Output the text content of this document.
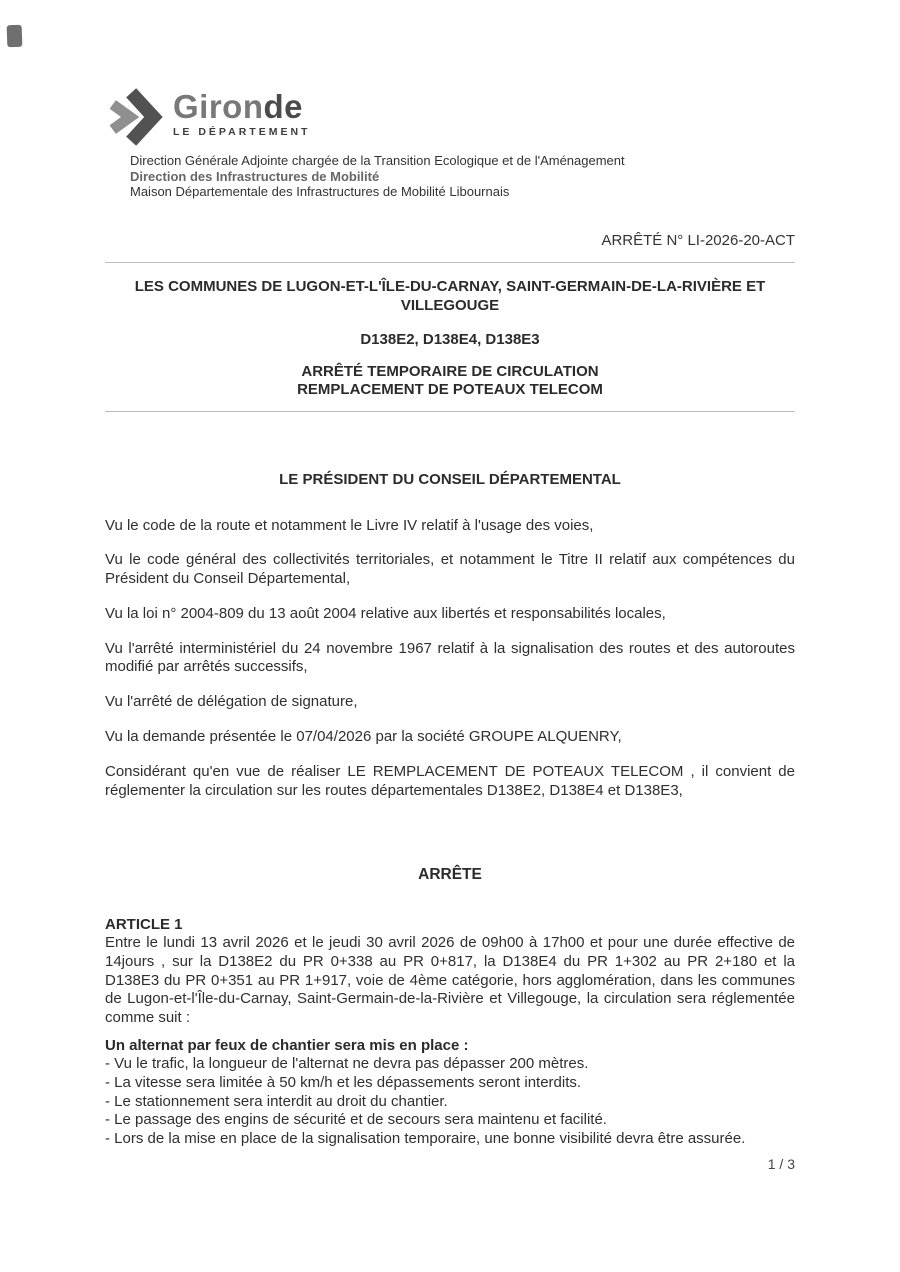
Gironde
LE DÉPARTEMENT
Direction Générale Adjointe chargée de la Transition Ecologique et de l'Aménagement
Direction des Infrastructures de Mobilité
Maison Départementale des Infrastructures de Mobilité Libournais
ARRÊTÉ N° LI-2026-20-ACT
LES COMMUNES DE LUGON-ET-L'ÎLE-DU-CARNAY, SAINT-GERMAIN-DE-LA-RIVIÈRE ET VILLEGOUGE
D138E2, D138E4, D138E3
ARRÊTÉ TEMPORAIRE DE CIRCULATION
REMPLACEMENT DE POTEAUX TELECOM
LE PRÉSIDENT DU CONSEIL DÉPARTEMENTAL

Vu le code de la route et notamment le Livre IV relatif à l'usage des voies,

Vu le code général des collectivités territoriales, et notamment le Titre II relatif aux compétences du Président du Conseil Départemental,

Vu la loi n° 2004-809 du 13 août 2004 relative aux libertés et responsabilités locales,

Vu l'arrêté interministériel du 24 novembre 1967 relatif à la signalisation des routes et des autoroutes modifié par arrêtés successifs,

Vu l'arrêté de délégation de signature,

Vu la demande présentée le 07/04/2026 par la société GROUPE ALQUENRY,

Considérant qu'en vue de réaliser LE REMPLACEMENT DE POTEAUX TELECOM , il convient de réglementer la circulation sur les routes départementales D138E2, D138E4 et D138E3,

ARRÊTE
ARTICLE 1

Entre le lundi 13 avril 2026 et le jeudi 30 avril 2026 de 09h00 à 17h00 et pour une durée effective de 14jours , sur la D138E2 du PR 0+338 au PR 0+817, la D138E4 du PR 1+302 au PR 2+180 et la D138E3 du PR 0+351 au PR 1+917, voie de 4ème catégorie, hors agglomération, dans les communes de Lugon-et-l'Île-du-Carnay, Saint-Germain-de-la-Rivière et Villegouge, la circulation sera réglementée comme suit :

Un alternat par feux de chantier sera mis en place :
- Vu le trafic, la longueur de l'alternat ne devra pas dépasser 200 mètres.
- La vitesse sera limitée à 50 km/h et les dépassements seront interdits.
- Le stationnement sera interdit au droit du chantier.
- Le passage des engins de sécurité et de secours sera maintenu et facilité.
- Lors de la mise en place de la signalisation temporaire, une bonne visibilité devra être assurée.
1 / 3
